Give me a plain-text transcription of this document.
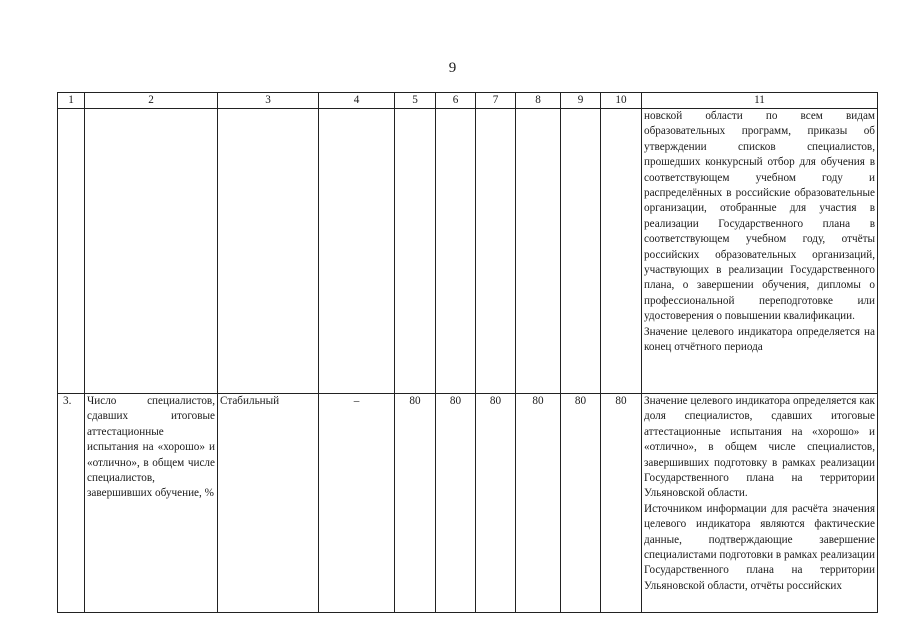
9
1	2	3	4	5	6	7	8	9	10	11

										новской области по всем видам образовательных программ, приказы об утверждении списков специалистов, прошедших конкурсный отбор для обучения в соответствующем учебном году и распределённых в российские образовательные организации, отобранные для участия в реализации Государственного плана в соответствующем учебном году, отчёты российских образовательных организаций, участвующих в реализации Государственного плана, о завершении обучения, дипломы о профессиональной переподготовке или удостоверения о повышении квалификации.
Значение целевого индикатора определяется на конец отчётного периода

3.	Число специалистов, сдавших итоговые аттестационные испытания на «хорошо» и «отлично», в общем числе специалистов, завершивших обучение, %	Стабильный	–	80	80	80	80	80	80	Значение целевого индикатора определяется как доля специалистов, сдавших итоговые аттестационные испытания на «хорошо» и «отлично», в общем числе специалистов, завершивших подготовку в рамках реализации Государственного плана на территории Ульяновской области.
Источником информации для расчёта значения целевого индикатора являются фактические данные, подтверждающие завершение специалистами подготовки в рамках реализации Государственного плана на территории Ульяновской области, отчёты российских
